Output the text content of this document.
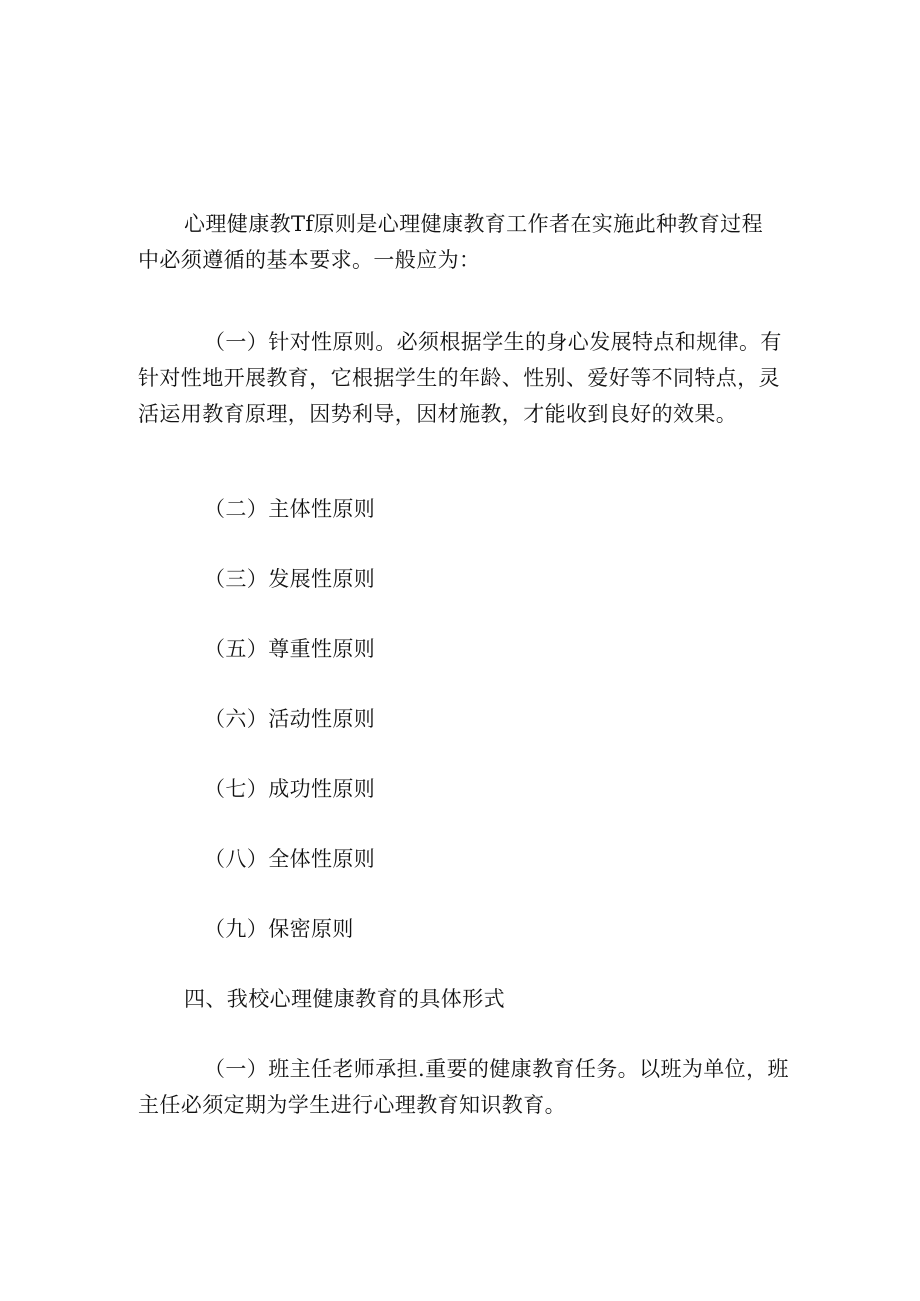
心理健康教Tf原则是心理健康教育工作者在实施此种教育过程
中必须遵循的基本要求。一般应为：

（一）针对性原则。必须根据学生的身心发展特点和规律。有
针对性地开展教育，它根据学生的年龄、性别、爱好等不同特点，灵
活运用教育原理，因势利导，因材施教，才能收到良好的效果。

（二）主体性原则

（三）发展性原则

（五）尊重性原则

（六）活动性原则

（七）成功性原则

（八）全体性原则

（九）保密原则

四、我校心理健康教育的具体形式

（一）班主任老师承担.重要的健康教育任务。以班为单位，班
主任必须定期为学生进行心理教育知识教育。
